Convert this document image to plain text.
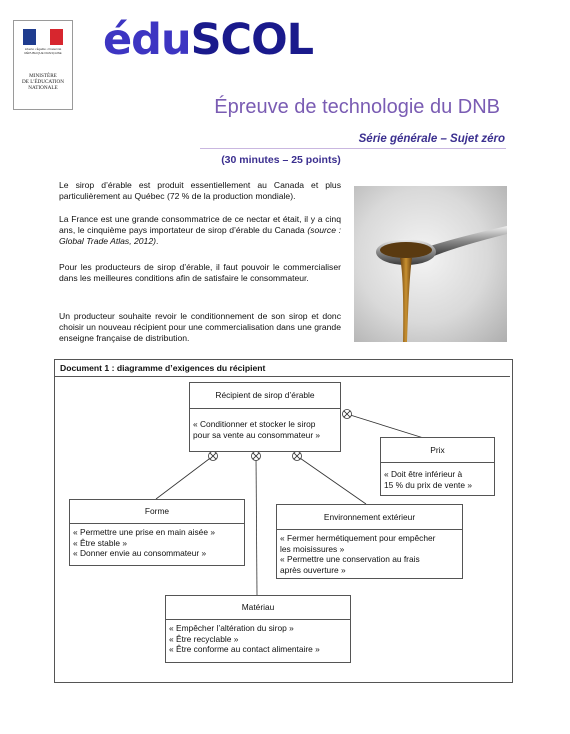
Liberté • Égalité • Fraternité
RÉPUBLIQUE FRANÇAISE
MINISTÈRE
DE L'ÉDUCATION
NATIONALE
éduSCOL
Épreuve de technologie du DNB
Série générale – Sujet zéro
(30 minutes – 25 points)
Le sirop d’érable est produit essentiellement au Canada et plus particulièrement au Québec (72 % de la production mondiale).
La France est une grande consommatrice de ce nectar et était, il y a cinq ans, le cinquième pays importateur de sirop d’érable du Canada (source : Global Trade Atlas, 2012).
Pour les producteurs de sirop d’érable, il faut pouvoir le commercialiser dans les meilleures conditions afin de satisfaire le consommateur.
Un producteur souhaite revoir le conditionnement de son sirop et donc choisir un nouveau récipient pour une commercialisation dans une grande enseigne française de distribution.
Document 1 : diagramme d’exigences du récipient
Récipient de sirop d’érable
« Conditionner et stocker le sirop
pour sa vente au consommateur »
Prix
« Doit être inférieur à
15 % du prix de vente »
Forme
« Permettre une prise en main aisée »
« Être stable »
« Donner envie au consommateur »
Environnement extérieur
« Fermer hermétiquement pour empêcher
les moisissures »
« Permettre une conservation au frais
après ouverture »
Matériau
« Empêcher l’altération du sirop »
« Être recyclable »
« Être conforme au contact alimentaire »
